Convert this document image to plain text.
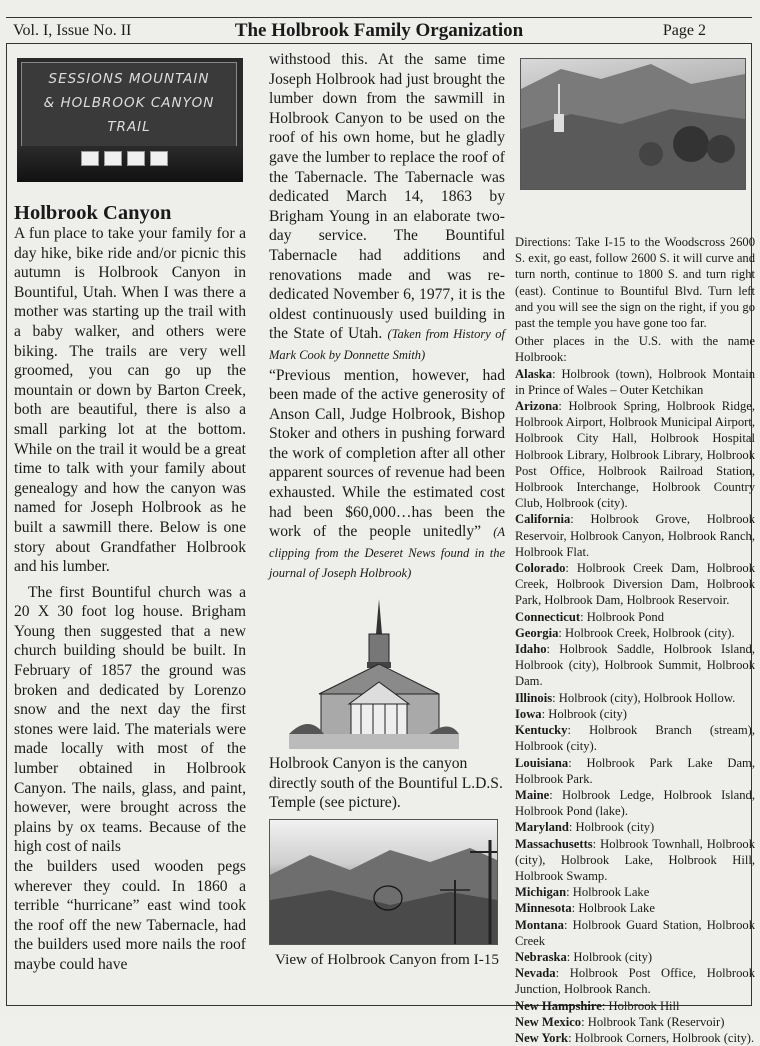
Vol. I, Issue No. II	The Holbrook Family Organization	Page 2
SESSIONS MOUNTAIN
& HOLBROOK CANYON
TRAIL
Holbrook Canyon

A fun place to take your family for a day hike, bike ride and/or picnic this autumn is Holbrook Canyon in Bountiful, Utah. When I was there a mother was starting up the trail with a baby walker, and others were biking. The trails are very well groomed, you can go up the mountain or down by Barton Creek, both are beautiful, there is also a small parking lot at the bottom. While on the trail it would be a great time to talk with your family about genealogy and how the canyon was named for Joseph Holbrook as he built a sawmill there. Below is one story about Grandfather Holbrook and his lumber.

The first Bountiful church was a 20 X 30 foot log house. Brigham Young then suggested that a new church building should be built. In February of 1857 the ground was broken and dedicated by Lorenzo snow and the next day the first stones were laid. The materials were made locally with most of the lumber obtained in Holbrook Canyon. The nails, glass, and paint, however, were brought across the plains by ox teams. Because of the high cost of nails

the builders used wooden pegs wherever they could. In 1860 a terrible “hurricane” east wind took the roof off the new Tabernacle, had the builders used more nails the roof maybe could have

withstood this. At the same time Joseph Holbrook had just brought the lumber down from the sawmill in Holbrook Canyon to be used on the roof of his own home, but he gladly gave the lumber to replace the roof of the Tabernacle. The Tabernacle was dedicated March 14, 1863 by Brigham Young in an elaborate two-day service. The Bountiful Tabernacle had additions and renovations made and was re-dedicated November 6, 1977, it is the oldest continuously used building in the State of Utah. (Taken from History of Mark Cook by Donnette Smith)

“Previous mention, however, had been made of the active generosity of Anson Call, Judge Holbrook, Bishop Stoker and others in pushing forward the work of completion after all other apparent sources of revenue had been exhausted. While the estimated cost had been $60,000…has been the work of the people unitedly” (A clipping from the Deseret News found in the journal of Joseph Holbrook)

Holbrook Canyon is the canyon directly south of the Bountiful L.D.S. Temple (see picture).
View of Holbrook Canyon from I-15
Directions: Take I-15 to the Woodscross 2600 S. exit, go east, follow 2600 S. it will curve and turn north, continue to 1800 S. and turn right (east). Continue to Bountiful Blvd. Turn left and you will see the sign on the right, if you go past the temple you have gone too far.
Other places in the U.S. with the name Holbrook:
Alaska: Holbrook (town), Holbrook Montain in Prince of Wales – Outer Ketchikan
Arizona: Holbrook Spring, Holbrook Ridge, Holbrook Airport, Holbrook Municipal Airport, Holbrook City Hall, Holbrook Hospital Holbrook Library, Holbrook Library, Holbrook Post Office, Holbrook Railroad Station, Holbrook Interchange, Holbrook Country Club, Holbrook (city).
California: Holbrook Grove, Holbrook Reservoir, Holbrook Canyon, Holbrook Ranch, Holbrook Flat.
Colorado: Holbrook Creek Dam, Holbrook Creek, Holbrook Diversion Dam, Holbrook Park, Holbrook Dam, Holbrook Reservoir.
Connecticut: Holbrook Pond
Georgia: Holbrook Creek, Holbrook (city).
Idaho: Holbrook Saddle, Holbrook Island, Holbrook (city), Holbrook Summit, Holbrook Dam.
Illinois: Holbrook (city), Holbrook Hollow.
Iowa: Holbrook (city)
Kentucky: Holbrook Branch (stream), Holbrook (city).
Louisiana: Holbrook Park Lake Dam, Holbrook Park.
Maine: Holbrook Ledge, Holbrook Island, Holbrook Pond (lake).
Maryland: Holbrook (city)
Massachusetts: Holbrook Townhall, Holbrook (city), Holbrook Lake, Holbrook Hill, Holbrook Swamp.
Michigan: Holbrook Lake
Minnesota: Holbrook Lake
Montana: Holbrook Guard Station, Holbrook Creek
Nebraska: Holbrook (city)
Nevada: Holbrook Post Office, Holbrook Junction, Holbrook Ranch.
New Hampshire: Holbrook Hill
New Mexico: Holbrook Tank (Reservoir)
New York: Holbrook Corners, Holbrook (city).
